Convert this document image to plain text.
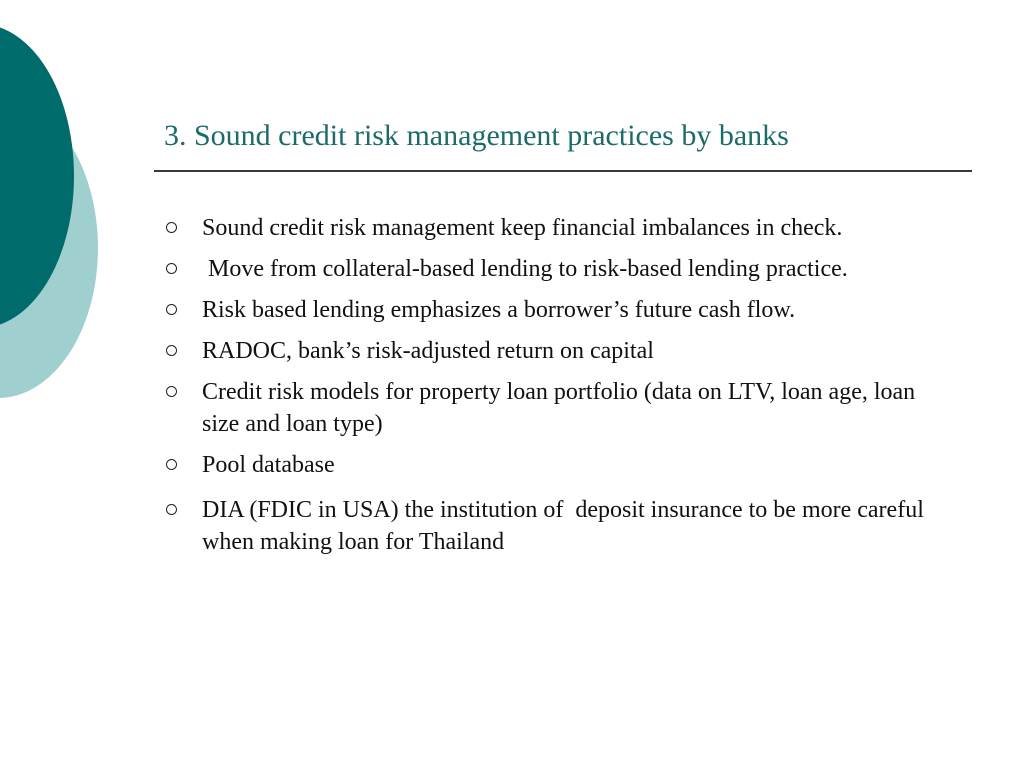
3. Sound credit risk management practices by banks
Sound credit risk management keep financial imbalances in check.
Move from collateral-based lending to risk-based lending practice.
Risk based lending emphasizes a borrower’s future cash flow.
RADOC, bank’s risk-adjusted return on capital
Credit risk models for property loan portfolio (data on LTV, loan age, loan size and loan type)
Pool database
DIA (FDIC in USA) the institution of  deposit insurance to be more careful when making loan for Thailand
